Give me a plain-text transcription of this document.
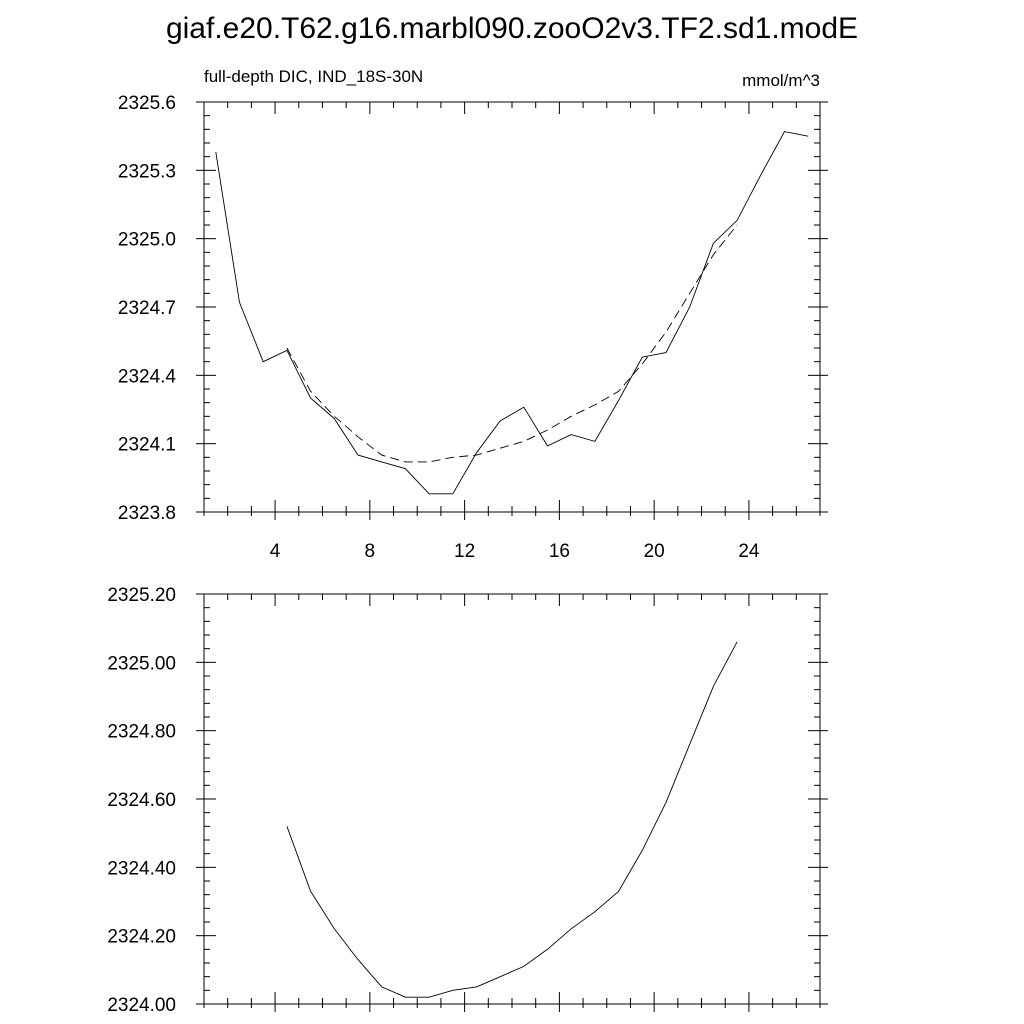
giaf.e20.T62.g16.marbl090.zooO2v3.TF2.sd1.modE
full-depth DIC, IND_18S-30N	mmol/m^3
4	8	12	16	20	24
2323.8
2324.1
2324.4
2324.7
2325.0
2325.3
2325.6
2324.00
2324.20
2324.40
2324.60
2324.80
2325.00
2325.20
